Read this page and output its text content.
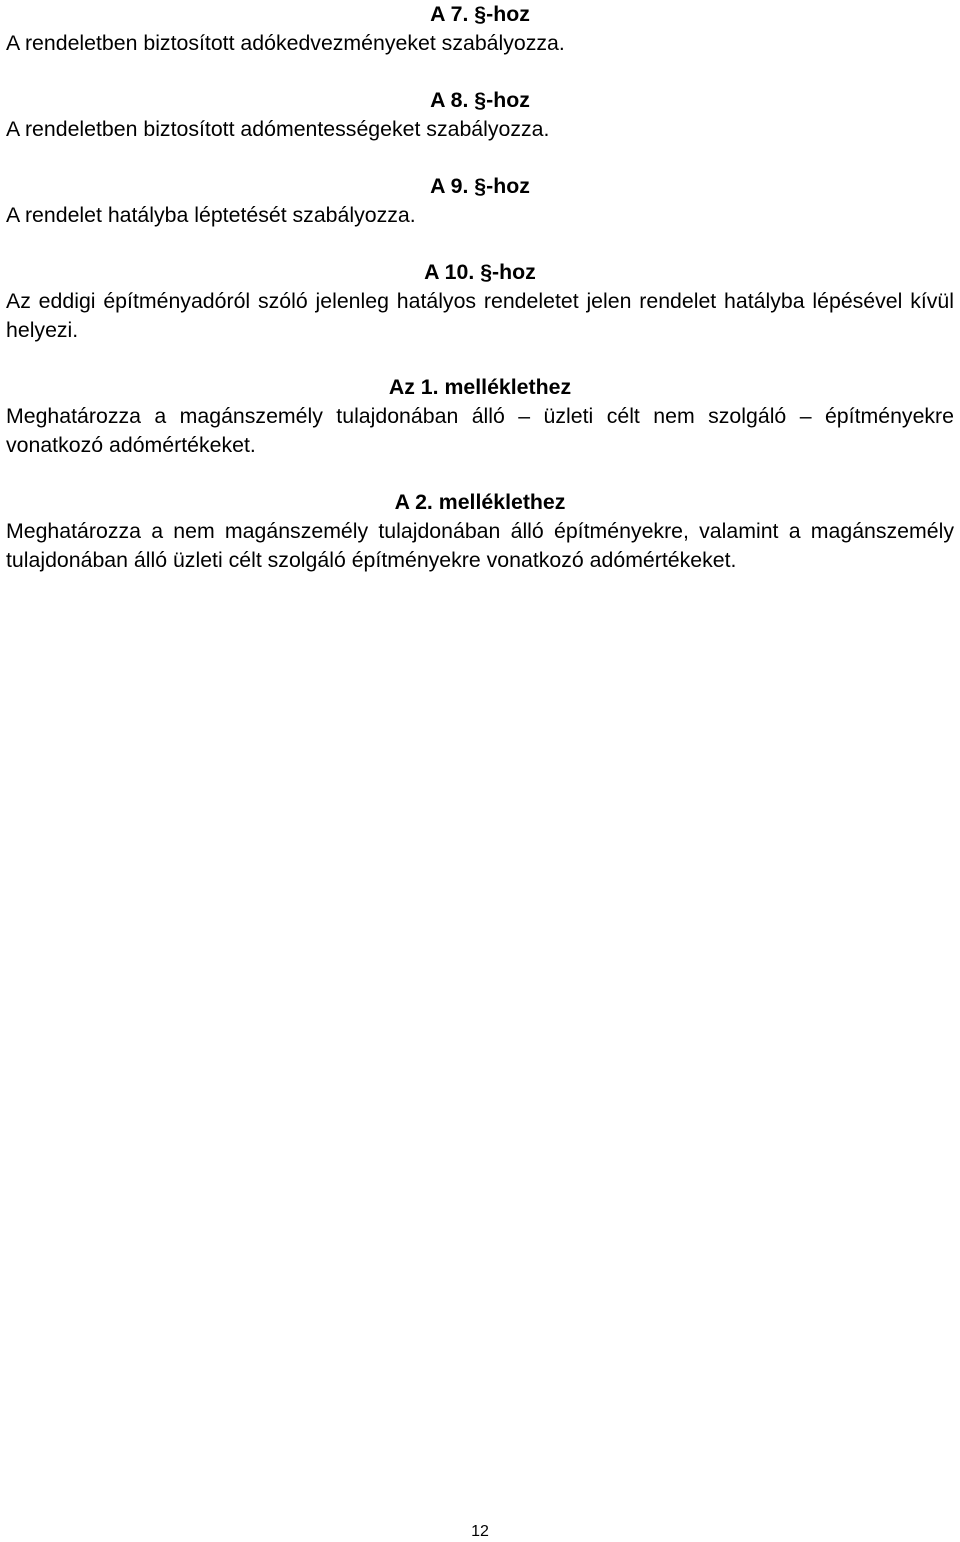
A 7. §-hoz

A rendeletben biztosított adókedvezményeket szabályozza.

A 8. §-hoz

A rendeletben biztosított adómentességeket szabályozza.

A 9. §-hoz

A rendelet hatályba léptetését szabályozza.

A 10. §-hoz

Az eddigi építményadóról szóló jelenleg hatályos rendeletet jelen rendelet hatályba lépésével kívül helyezi.

Az 1. melléklethez

Meghatározza a magánszemély tulajdonában álló – üzleti célt nem szolgáló – építményekre vonatkozó adómértékeket.

A 2. melléklethez

Meghatározza a nem magánszemély tulajdonában álló építményekre, valamint a magánszemély tulajdonában álló üzleti célt szolgáló építményekre vonatkozó adómértékeket.

12
